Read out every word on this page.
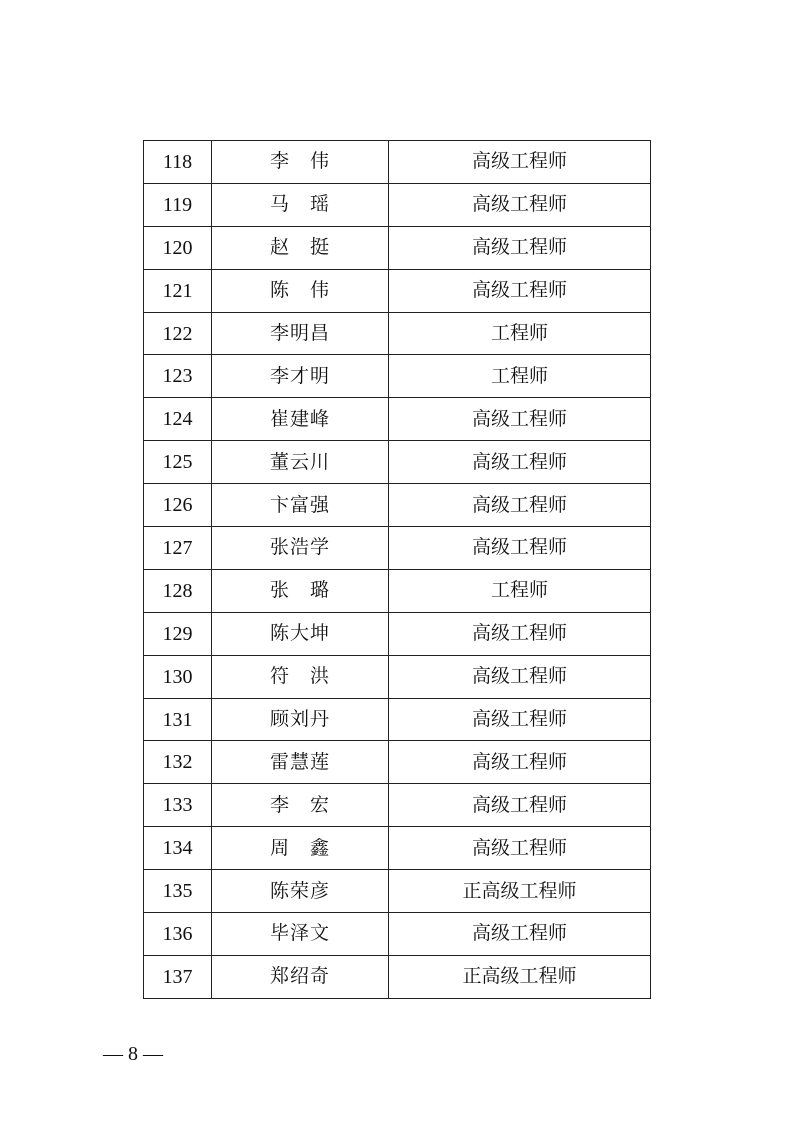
118	李　伟	高级工程师
119	马　瑶	高级工程师
120	赵　挺	高级工程师
121	陈　伟	高级工程师
122	李明昌	工程师
123	李才明	工程师
124	崔建峰	高级工程师
125	董云川	高级工程师
126	卞富强	高级工程师
127	张浩学	高级工程师
128	张　璐	工程师
129	陈大坤	高级工程师
130	符　洪	高级工程师
131	顾刘丹	高级工程师
132	雷慧莲	高级工程师
133	李　宏	高级工程师
134	周　鑫	高级工程师
135	陈荣彦	正高级工程师
136	毕泽文	高级工程师
137	郑绍奇	正高级工程师
— 8 —
